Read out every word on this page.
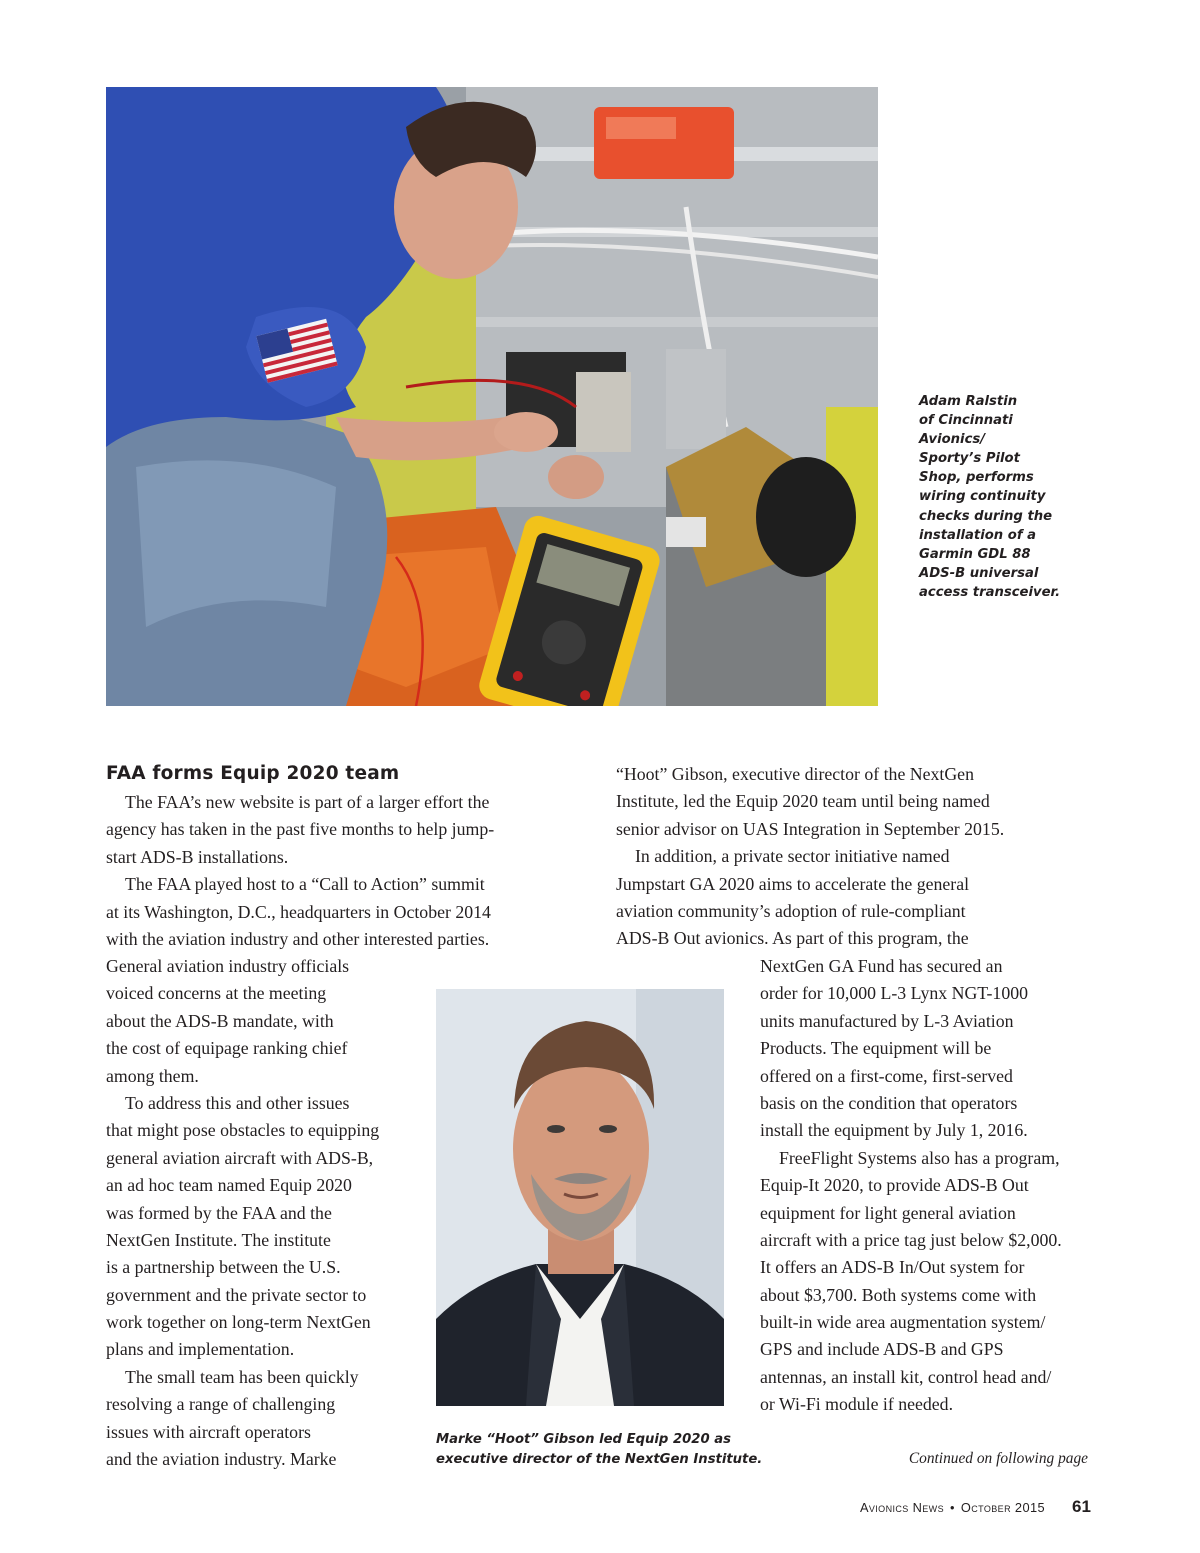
Adam Ralstin
of Cincinnati
Avionics/
Sporty’s Pilot
Shop, performs
wiring continuity
checks during the
installation of a
Garmin GDL 88
ADS-B universal
access transceiver.
FAA forms Equip 2020 team
The FAA’s new website is part of a larger effort the
agency has taken in the past five months to help jump-
start ADS-B installations.
The FAA played host to a “Call to Action” summit
at its Washington, D.C., headquarters in October 2014
with the aviation industry and other interested parties.
General aviation industry officials
voiced concerns at the meeting
about the ADS-B mandate, with
the cost of equipage ranking chief
among them.
To address this and other issues
that might pose obstacles to equipping
general aviation aircraft with ADS-B,
an ad hoc team named Equip 2020
was formed by the FAA and the
NextGen Institute. The institute
is a partnership between the U.S.
government and the private sector to
work together on long-term NextGen
plans and implementation.
The small team has been quickly
resolving a range of challenging
issues with aircraft operators
and the aviation industry. Marke
“Hoot” Gibson, executive director of the NextGen
Institute, led the Equip 2020 team until being named
senior advisor on UAS Integration in September 2015.
In addition, a private sector initiative named
Jumpstart GA 2020 aims to accelerate the general
aviation community’s adoption of rule-compliant
ADS-B Out avionics. As part of this program, the
NextGen GA Fund has secured an
order for 10,000 L-3 Lynx NGT-1000
units manufactured by L-3 Aviation
Products. The equipment will be
offered on a first-come, first-served
basis on the condition that operators
install the equipment by July 1, 2016.
FreeFlight Systems also has a program,
Equip-It 2020, to provide ADS-B Out
equipment for light general aviation
aircraft with a price tag just below $2,000.
It offers an ADS-B In/Out system for
about $3,700. Both systems come with
built-in wide area augmentation system/
GPS and include ADS-B and GPS
antennas, an install kit, control head and/
or Wi-Fi module if needed.
Marke “Hoot” Gibson led Equip 2020 as
executive director of the NextGen Institute.	Continued on following page
Avionics News • October 2015 61
